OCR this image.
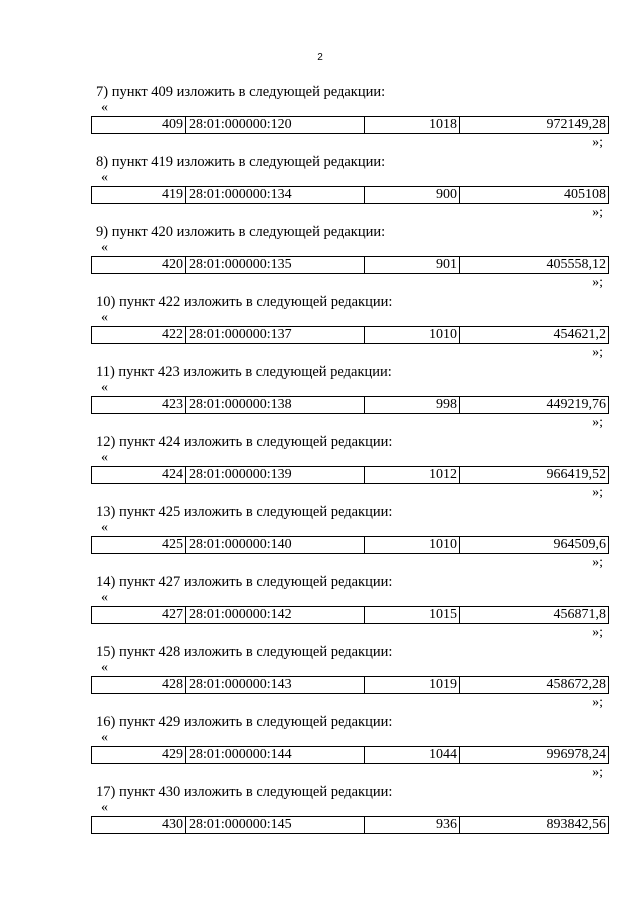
2
7) пункт 409 изложить в следующей редакции:
«
409	28:01:000000:120	1018	972149,28
»;
8) пункт 419 изложить в следующей редакции:
«
419	28:01:000000:134	900	405108
»;
9) пункт 420 изложить в следующей редакции:
«
420	28:01:000000:135	901	405558,12
»;
10) пункт 422 изложить в следующей редакции:
«
422	28:01:000000:137	1010	454621,2
»;
11) пункт 423 изложить в следующей редакции:
«
423	28:01:000000:138	998	449219,76
»;
12) пункт 424 изложить в следующей редакции:
«
424	28:01:000000:139	1012	966419,52
»;
13) пункт 425 изложить в следующей редакции:
«
425	28:01:000000:140	1010	964509,6
»;
14) пункт 427 изложить в следующей редакции:
«
427	28:01:000000:142	1015	456871,8
»;
15) пункт 428 изложить в следующей редакции:
«
428	28:01:000000:143	1019	458672,28
»;
16) пункт 429 изложить в следующей редакции:
«
429	28:01:000000:144	1044	996978,24
»;
17) пункт 430 изложить в следующей редакции:
«
430	28:01:000000:145	936	893842,56
